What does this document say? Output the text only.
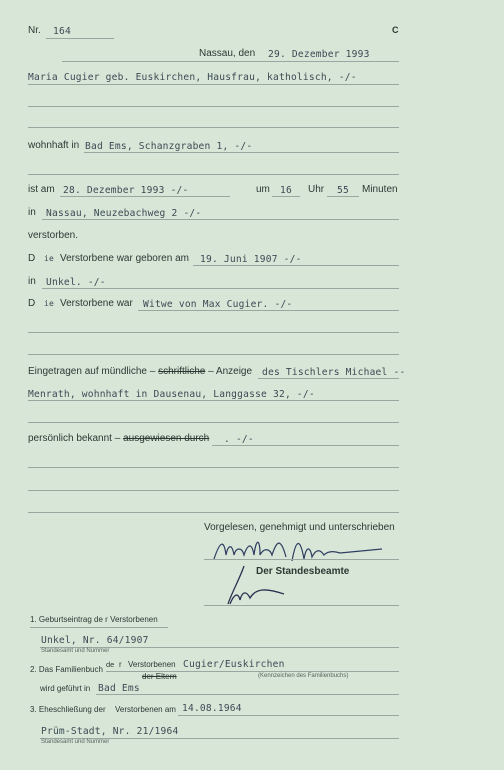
Nr. 164	C
Nassau, den 29. Dezember 1993
Maria Cugier geb. Euskirchen, Hausfrau, katholisch, -/-
wohnhaft in Bad Ems, Schanzgraben 1, -/-
ist am 28. Dezember 1993 -/-	um 16 Uhr 55 Minuten
in Nassau, Neuzebachweg 2 -/-
verstorben.
D ie Verstorbene war geboren am 19. Juni 1907 -/-
in Unkel. -/-
D ie Verstorbene war Witwe von Max Cugier. -/-
Eingetragen auf mündliche – schriftliche – Anzeige des Tischlers Michael --
Menrath, wohnhaft in Dausenau, Langgasse 32, -/-
persönlich bekannt – ausgewiesen durch . -/-
Vorgelesen, genehmigt und unterschrieben
Der Standesbeamte
1. Geburtseintrag de r Verstorbenen
Unkel, Nr. 64/1907
Standesamt und Nummer
2. Das Familienbuch
de r Verstorbenen Cugier/Euskirchen
der Eltern	(Kennzeichen des Familienbuchs)
wird geführt in Bad Ems
3. Eheschließung der Verstorbenen am 14.08.1964
Prüm-Stadt, Nr. 21/1964
Standesamt und Nummer
